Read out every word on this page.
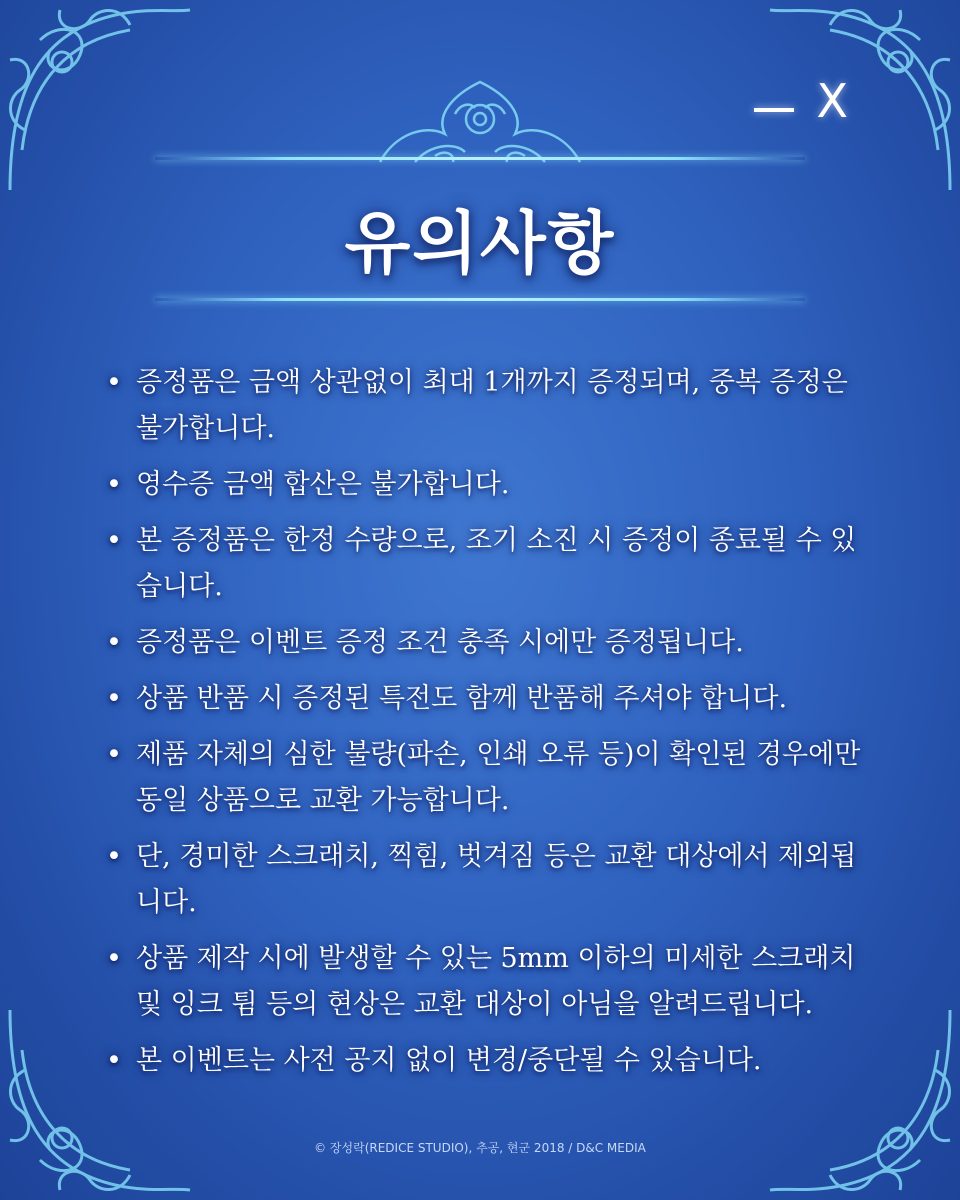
X
유의사항
• 증정품은 금액 상관없이 최대 1개까지 증정되며, 중복 증정은 불가합니다.
• 영수증 금액 합산은 불가합니다.
• 본 증정품은 한정 수량으로, 조기 소진 시 증정이 종료될 수 있습니다.
• 증정품은 이벤트 증정 조건 충족 시에만 증정됩니다.
• 상품 반품 시 증정된 특전도 함께 반품해 주셔야 합니다.
• 제품 자체의 심한 불량(파손, 인쇄 오류 등)이 확인된 경우에만 동일 상품으로 교환 가능합니다.
• 단, 경미한 스크래치, 찍힘, 벗겨짐 등은 교환 대상에서 제외됩니다.
• 상품 제작 시에 발생할 수 있는 5mm 이하의 미세한 스크래치 및 잉크 튐 등의 현상은 교환 대상이 아님을 알려드립니다.
• 본 이벤트는 사전 공지 없이 변경/중단될 수 있습니다.
© 장성락(REDICE STUDIO), 추공, 현군 2018 / D&C MEDIA
